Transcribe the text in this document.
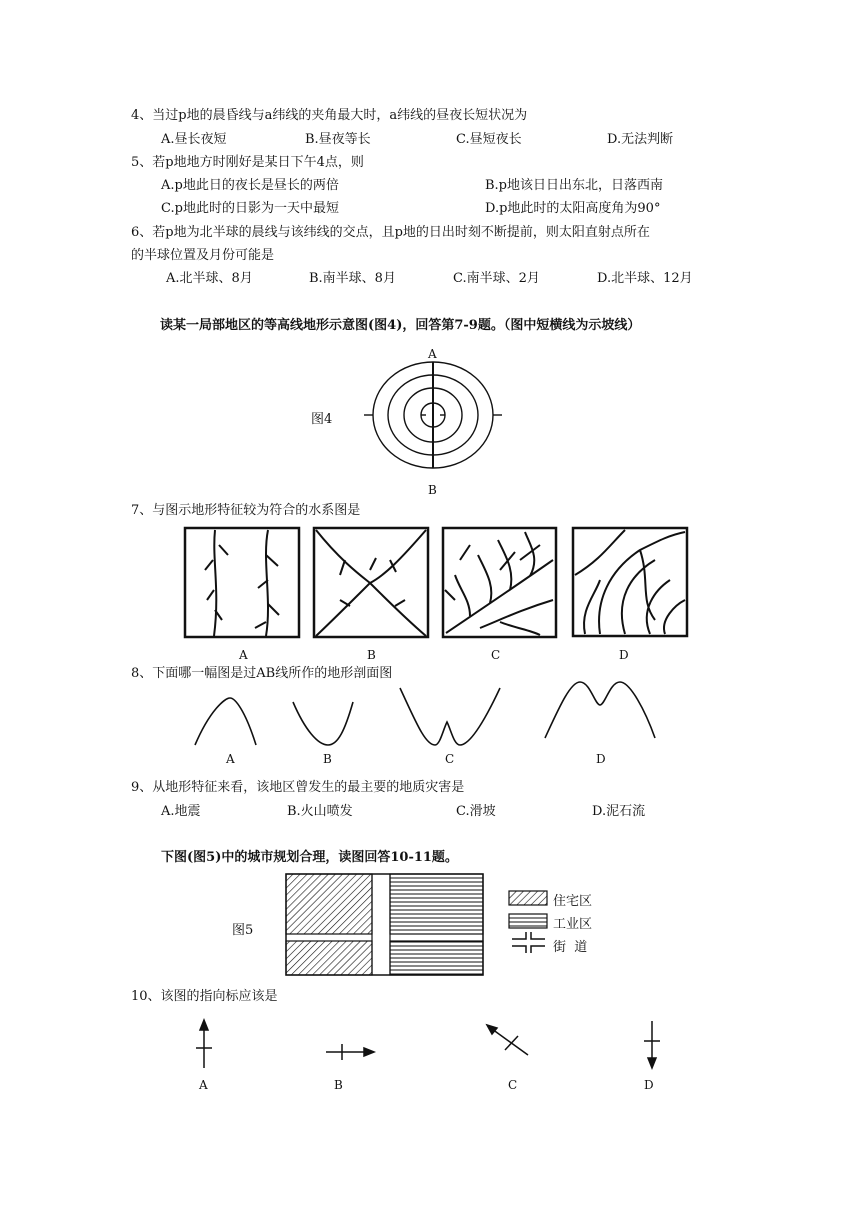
4、当过p地的晨昏线与a纬线的夹角最大时，a纬线的昼夜长短状况为
A.昼长夜短	B.昼夜等长	C.昼短夜长	D.无法判断
5、若p地地方时刚好是某日下午4点，则
A.p地此日的夜长是昼长的两倍	B.p地该日日出东北，日落西南
C.p地此时的日影为一天中最短	D.p地此时的太阳高度角为90°
6、若p地为北半球的晨线与该纬线的交点，且p地的日出时刻不断提前，则太阳直射点所在
的半球位置及月份可能是
A.北半球、8月	B.南半球、8月	C.南半球、2月	D.北半球、12月
读某一局部地区的等高线地形示意图(图4)，回答第7-9题。（图中短横线为示坡线）
图4
A
B
7、与图示地形特征较为符合的水系图是
A	B	C	D
8、下面哪一幅图是过AB线所作的地形剖面图
A	B	C	D
9、从地形特征来看，该地区曾发生的最主要的地质灾害是
A.地震	B.火山喷发	C.滑坡	D.泥石流
下图(图5)中的城市规划合理，读图回答10-11题。
图5
住宅区
工业区
街  道
10、该图的指向标应该是
A	B	C	D
